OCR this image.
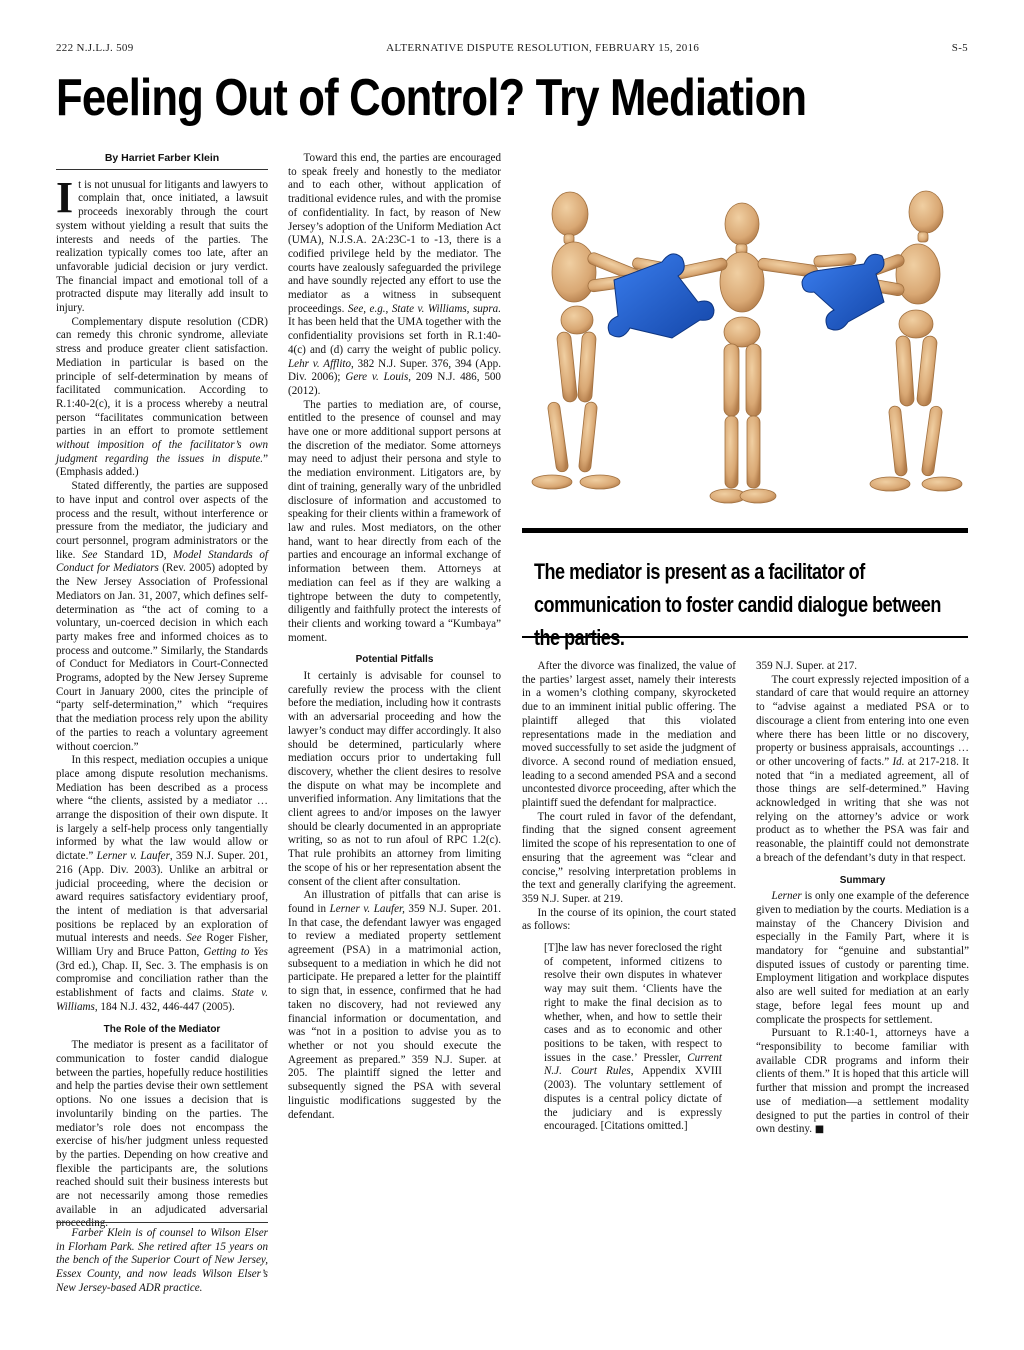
222 N.J.L.J. 509	ALTERNATIVE DISPUTE RESOLUTION, FEBRUARY 15, 2016	S-5
Feeling Out of Control? Try Mediation
By Harriet Farber Klein

It is not unusual for litigants and lawyers to complain that, once initiated, a lawsuit proceeds inexorably through the court system without yielding a result that suits the interests and needs of the parties. The realization typically comes too late, after an unfavorable judicial decision or jury verdict. The financial impact and emotional toll of a protracted dispute may literally add insult to injury.

Complementary dispute resolution (CDR) can remedy this chronic syndrome, alleviate stress and produce greater client satisfaction. Mediation in particular is based on the principle of self-determination by means of facilitated communication. According to R.1:40-2(c), it is a process whereby a neutral person “facilitates communication between parties in an effort to promote settlement without imposition of the facilitator’s own judgment regarding the issues in dispute.” (Emphasis added.)

Stated differently, the parties are supposed to have input and control over aspects of the process and the result, without interference or pressure from the mediator, the judiciary and court personnel, program administrators or the like. See Standard 1D, Model Standards of Conduct for Mediators (Rev. 2005) adopted by the New Jersey Association of Professional Mediators on Jan. 31, 2007, which defines self-determination as “the act of coming to a voluntary, un-coerced decision in which each party makes free and informed choices as to process and outcome.” Similarly, the Standards of Conduct for Mediators in Court-Connected Programs, adopted by the New Jersey Supreme Court in January 2000, cites the principle of “party self-determination,” which “requires that the mediation process rely upon the ability of the parties to reach a voluntary agreement without coercion.”

In this respect, mediation occupies a unique place among dispute resolution mechanisms. Mediation has been described as a process where “the clients, assisted by a mediator … arrange the disposition of their own dispute. It is largely a self-help process only tangentially informed by what the law would allow or dictate.” Lerner v. Laufer, 359 N.J. Super. 201, 216 (App. Div. 2003). Unlike an arbitral or judicial proceeding, where the decision or award requires satisfactory evidentiary proof, the intent of mediation is that adversarial positions be replaced by an exploration of mutual interests and needs. See Roger Fisher, William Ury and Bruce Patton, Getting to Yes (3rd ed.), Chap. II, Sec. 3. The emphasis is on compromise and conciliation rather than the establishment of facts and claims. State v. Williams, 184 N.J. 432, 446-447 (2005).

The Role of the Mediator

The mediator is present as a facilitator of communication to foster candid dialogue between the parties, hopefully reduce hostilities and help the parties devise their own settlement options. No one issues a decision that is involuntarily binding on the parties. The mediator’s role does not encompass the exercise of his/her judgment unless requested by the parties. Depending on how creative and flexible the participants are, the solutions reached should suit their business interests but are not necessarily among those remedies available in an adjudicated adversarial proceeding.

Farber Klein is of counsel to Wilson Elser in Florham Park. She retired after 15 years on the bench of the Superior Court of New Jersey, Essex County, and now leads Wilson Elser’s New Jersey-based ADR practice.

Toward this end, the parties are encouraged to speak freely and honestly to the mediator and to each other, without application of traditional evidence rules, and with the promise of confidentiality. In fact, by reason of New Jersey’s adoption of the Uniform Mediation Act (UMA), N.J.S.A. 2A:23C-1 to -13, there is a codified privilege held by the mediator. The courts have zealously safeguarded the privilege and have soundly rejected any effort to use the mediator as a witness in subsequent proceedings. See, e.g., State v. Williams, supra. It has been held that the UMA together with the confidentiality provisions set forth in R.1:40-4(c) and (d) carry the weight of public policy. Lehr v. Afflito, 382 N.J. Super. 376, 394 (App. Div. 2006); Gere v. Louis, 209 N.J. 486, 500 (2012).

The parties to mediation are, of course, entitled to the presence of counsel and may have one or more additional support persons at the discretion of the mediator. Some attorneys may need to adjust their persona and style to the mediation environment. Litigators are, by dint of training, generally wary of the unbridled disclosure of information and accustomed to speaking for their clients within a framework of law and rules. Most mediators, on the other hand, want to hear directly from each of the parties and encourage an informal exchange of information between them. Attorneys at mediation can feel as if they are walking a tightrope between the duty to competently, diligently and faithfully protect the interests of their clients and working toward a “Kumbaya” moment.

Potential Pitfalls

It certainly is advisable for counsel to carefully review the process with the client before the mediation, including how it contrasts with an adversarial proceeding and how the lawyer’s conduct may differ accordingly. It also should be determined, particularly where mediation occurs prior to undertaking full discovery, whether the client desires to resolve the dispute on what may be incomplete and unverified information. Any limitations that the client agrees to and/or imposes on the lawyer should be clearly documented in an appropriate writing, so as not to run afoul of RPC 1.2(c). That rule prohibits an attorney from limiting the scope of his or her representation absent the consent of the client after consultation.

An illustration of pitfalls that can arise is found in Lerner v. Laufer, 359 N.J. Super. 201. In that case, the defendant lawyer was engaged to review a mediated property settlement agreement (PSA) in a matrimonial action, subsequent to a mediation in which he did not participate. He prepared a letter for the plaintiff to sign that, in essence, confirmed that he had taken no discovery, had not reviewed any financial information or documentation, and was “not in a position to advise you as to whether or not you should execute the Agreement as prepared.” 359 N.J. Super. at 205. The plaintiff signed the letter and subsequently signed the PSA with several linguistic modifications suggested by the defendant.

The mediator is present as a facilitator of communication to foster candid dialogue between the parties.

After the divorce was finalized, the value of the parties’ largest asset, namely their interests in a women’s clothing company, skyrocketed due to an imminent initial public offering. The plaintiff alleged that this violated representations made in the mediation and moved successfully to set aside the judgment of divorce. A second round of mediation ensued, leading to a second amended PSA and a second uncontested divorce proceeding, after which the plaintiff sued the defendant for malpractice.

The court ruled in favor of the defendant, finding that the signed consent agreement limited the scope of his representation to one of ensuring that the agreement was “clear and concise,” resolving interpretation problems in the text and generally clarifying the agreement. 359 N.J. Super. at 219.

In the course of its opinion, the court stated as follows:

[T]he law has never foreclosed the right of competent, informed citizens to resolve their own disputes in whatever way may suit them. ‘Clients have the right to make the final decision as to whether, when, and how to settle their cases and as to economic and other positions to be taken, with respect to issues in the case.’ Pressler, Current N.J. Court Rules, Appendix XVIII (2003). The voluntary settlement of disputes is a central policy dictate of the judiciary and is expressly encouraged. [Citations omitted.]

359 N.J. Super. at 217.

The court expressly rejected imposition of a standard of care that would require an attorney to “advise against a mediated PSA or to discourage a client from entering into one even where there has been little or no discovery, property or business appraisals, accountings … or other uncovering of facts.” Id. at 217-218. It noted that “in a mediated agreement, all of those things are self-determined.” Having acknowledged in writing that she was not relying on the attorney’s advice or work product as to whether the PSA was fair and reasonable, the plaintiff could not demonstrate a breach of the defendant’s duty in that respect.

Summary

Lerner is only one example of the deference given to mediation by the courts. Mediation is a mainstay of the Chancery Division and especially in the Family Part, where it is mandatory for “genuine and substantial” disputed issues of custody or parenting time. Employment litigation and workplace disputes also are well suited for mediation at an early stage, before legal fees mount up and complicate the prospects for settlement.

Pursuant to R.1:40-1, attorneys have a “responsibility to become familiar with available CDR programs and inform their clients of them.” It is hoped that this article will further that mission and prompt the increased use of mediation—a settlement modality designed to put the parties in control of their own destiny. ■
